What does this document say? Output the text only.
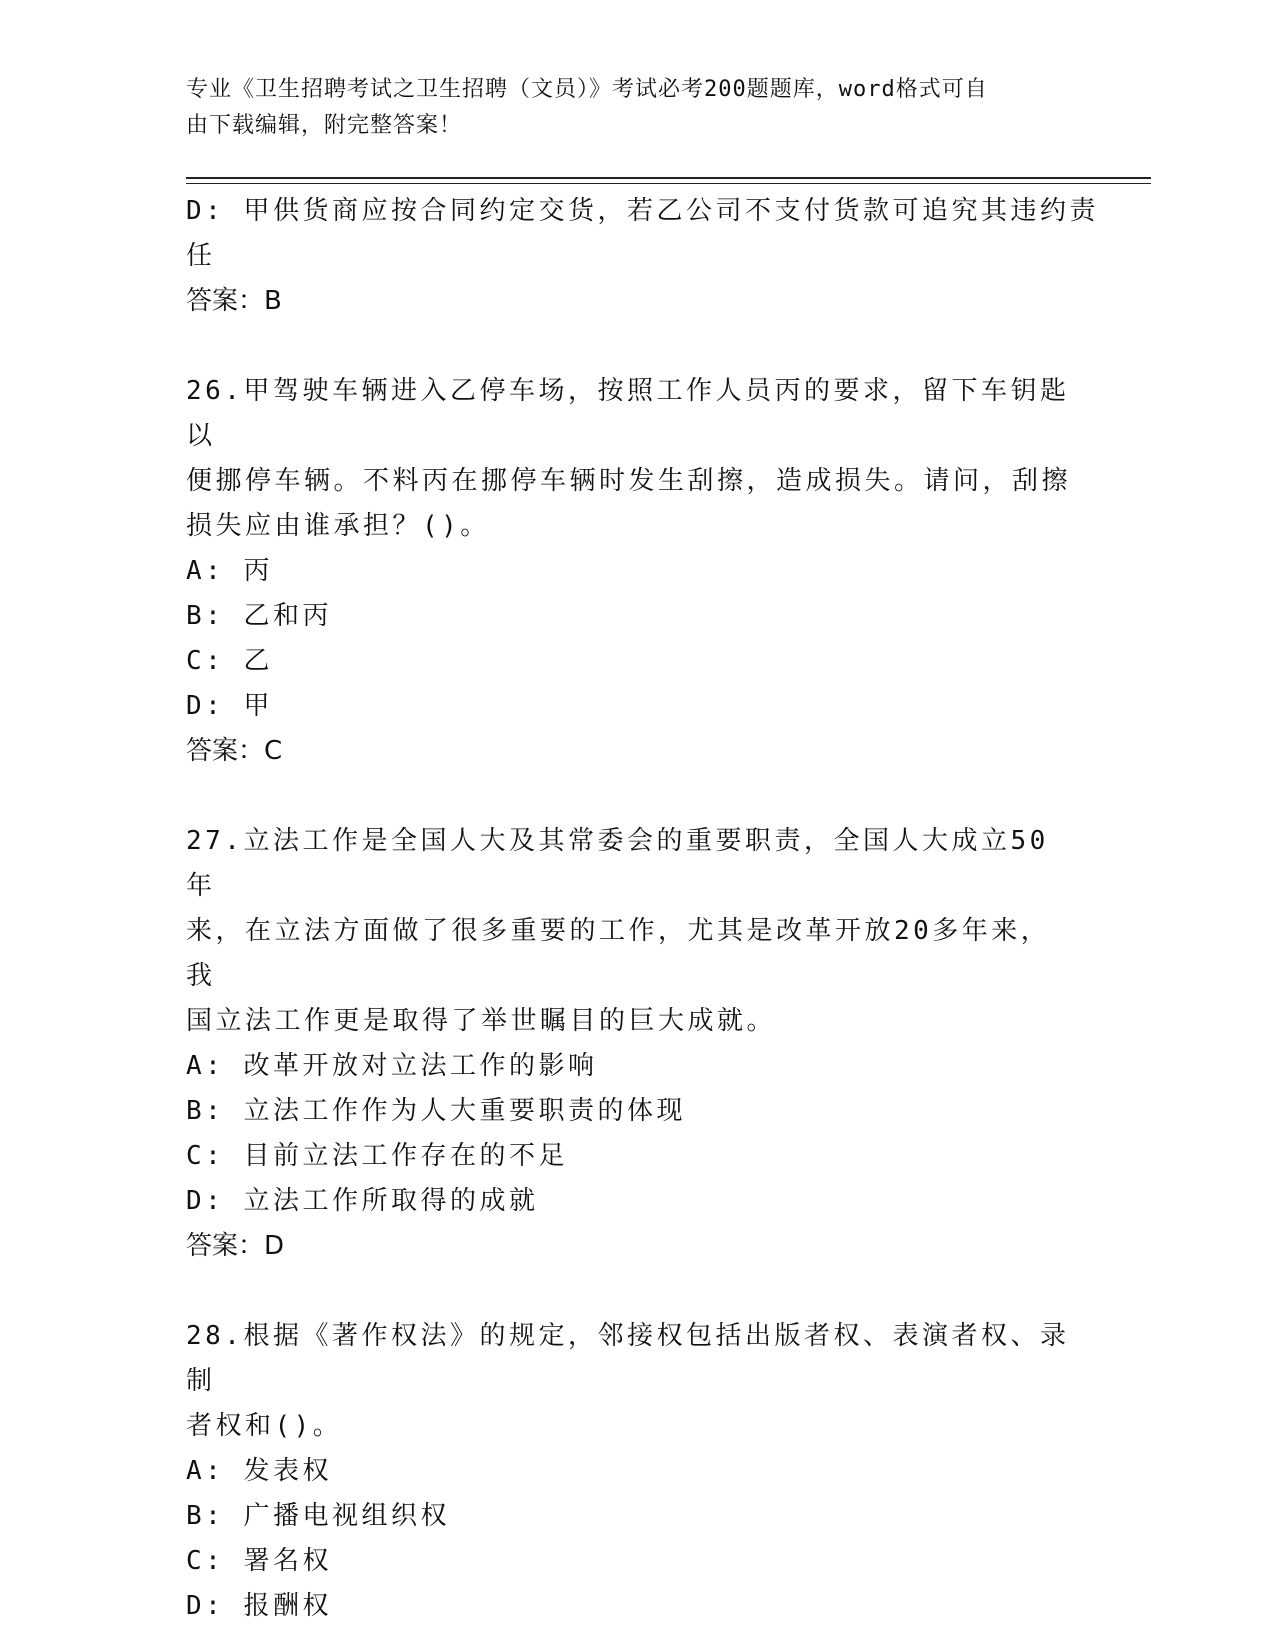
专业《卫生招聘考试之卫生招聘（文员）》考试必考200题题库，word格式可自
由下载编辑，附完整答案！
D: 甲供货商应按合同约定交货，若乙公司不支付货款可追究其违约责
任
答案：B
26.甲驾驶车辆进入乙停车场，按照工作人员丙的要求，留下车钥匙以
便挪停车辆。不料丙在挪停车辆时发生刮擦，造成损失。请问，刮擦
损失应由谁承担？()。
A: 丙
B: 乙和丙
C: 乙
D: 甲
答案：C
27.立法工作是全国人大及其常委会的重要职责，全国人大成立50年
来，在立法方面做了很多重要的工作，尤其是改革开放20多年来，我
国立法工作更是取得了举世瞩目的巨大成就。
A: 改革开放对立法工作的影响
B: 立法工作作为人大重要职责的体现
C: 目前立法工作存在的不足
D: 立法工作所取得的成就
答案：D
28.根据《著作权法》的规定，邻接权包括出版者权、表演者权、录制
者权和()。
A: 发表权
B: 广播电视组织权
C: 署名权
D: 报酬权
